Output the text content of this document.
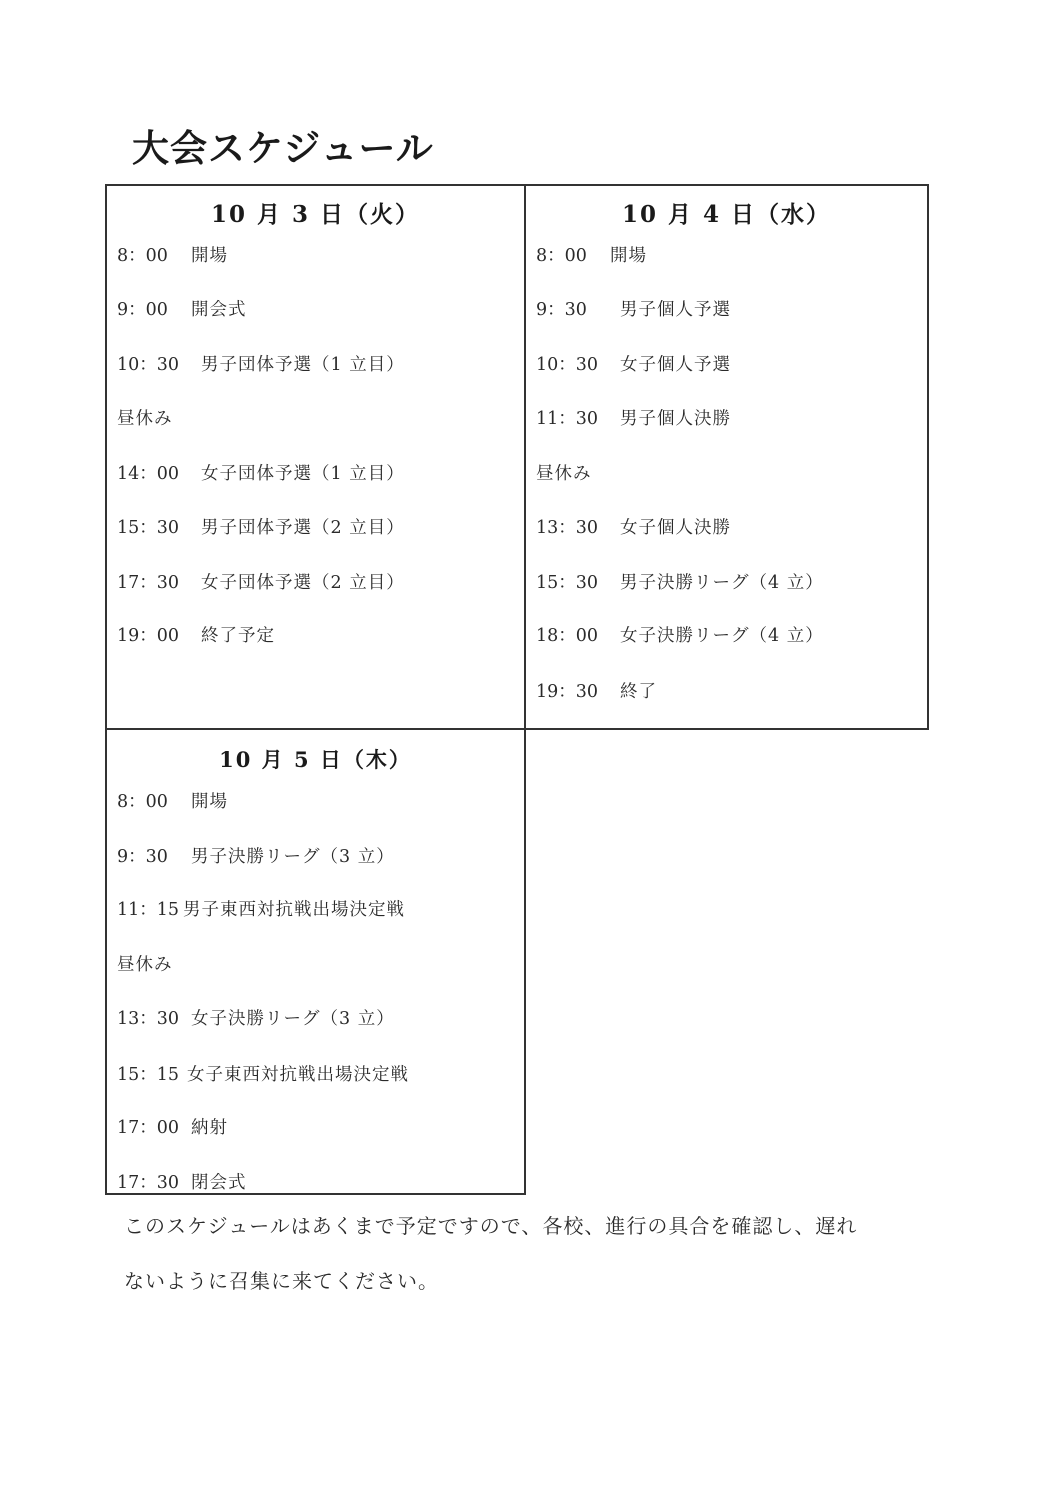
大会スケジュール
10 月 3 日（火）
8：00 開場
9：00 開会式
10：30 男子団体予選（1 立目）
昼休み
14：00 女子団体予選（1 立目）
15：30 男子団体予選（2 立目）
17：30 女子団体予選（2 立目）
19：00 終了予定
10 月 4 日（水）
8：00 開場
9：30 男子個人予選
10：30 女子個人予選
11：30 男子個人決勝
昼休み
13：30 女子個人決勝
15：30 男子決勝リーグ（4 立）
18：00 女子決勝リーグ（4 立）
19：30 終了
10 月 5 日（木）
8：00 開場
9：30 男子決勝リーグ（3 立）
11：15 男子東西対抗戦出場決定戦
昼休み
13：30 女子決勝リーグ（3 立）
15：15 女子東西対抗戦出場決定戦
17：00 納射
17：30 閉会式
このスケジュールはあくまで予定ですので、各校、進行の具合を確認し、遅れ
ないように召集に来てください。
